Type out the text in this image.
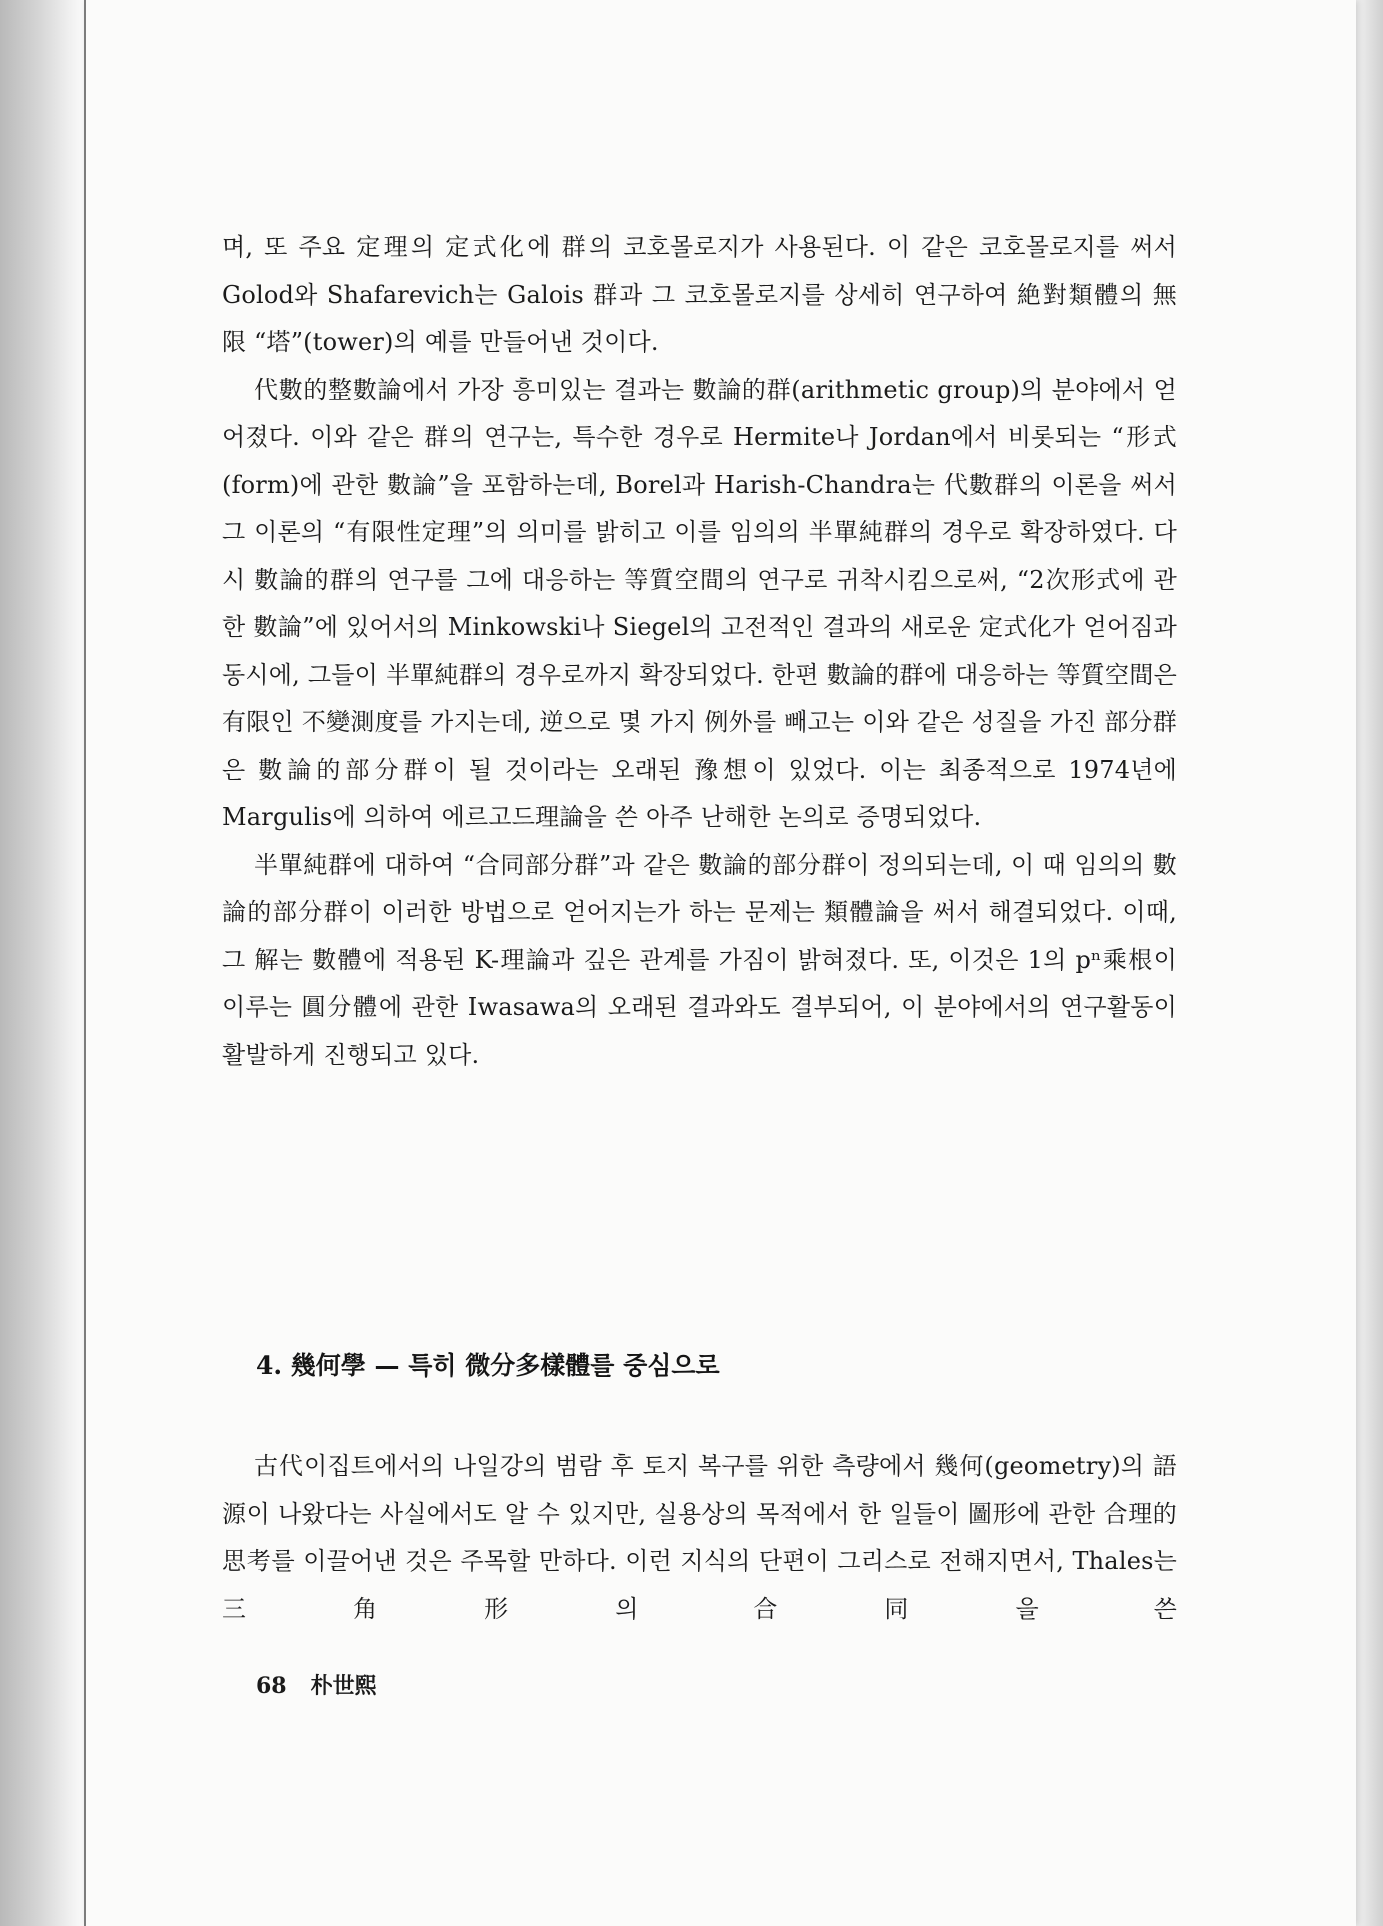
며, 또 주요 定理의 定式化에 群의 코호몰로지가 사용된다. 이 같은 코호몰로지를 써서 Golod와 Shafarevich는 Galois 群과 그 코호몰로지를 상세히 연구하여 絶對類體의 無限 “塔”(tower)의 예를 만들어낸 것이다.

代數的整數論에서 가장 흥미있는 결과는 數論的群(arithmetic group)의 분야에서 얻어졌다. 이와 같은 群의 연구는, 특수한 경우로 Hermite나 Jordan에서 비롯되는 “形式(form)에 관한 數論”을 포함하는데, Borel과 Harish-Chandra는 代數群의 이론을 써서 그 이론의 “有限性定理”의 의미를 밝히고 이를 임의의 半單純群의 경우로 확장하였다. 다시 數論的群의 연구를 그에 대응하는 等質空間의 연구로 귀착시킴으로써, “2次形式에 관한 數論”에 있어서의 Minkowski나 Siegel의 고전적인 결과의 새로운 定式化가 얻어짐과 동시에, 그들이 半單純群의 경우로까지 확장되었다. 한편 數論的群에 대응하는 等質空間은 有限인 不變測度를 가지는데, 逆으로 몇 가지 例外를 빼고는 이와 같은 성질을 가진 部分群은 數論的部分群이 될 것이라는 오래된 豫想이 있었다. 이는 최종적으로 1974년에 Margulis에 의하여 에르고드理論을 쓴 아주 난해한 논의로 증명되었다.

半單純群에 대하여 “合同部分群”과 같은 數論的部分群이 정의되는데, 이 때 임의의 數論的部分群이 이러한 방법으로 얻어지는가 하는 문제는 類體論을 써서 해결되었다. 이때, 그 解는 數體에 적용된 K-理論과 깊은 관계를 가짐이 밝혀졌다. 또, 이것은 1의 pⁿ乘根이 이루는 圓分體에 관한 Iwasawa의 오래된 결과와도 결부되어, 이 분야에서의 연구활동이 활발하게 진행되고 있다.

4. 幾何學 — 특히 微分多樣體를 중심으로

古代이집트에서의 나일강의 범람 후 토지 복구를 위한 측량에서 幾何(geometry)의 語源이 나왔다는 사실에서도 알 수 있지만, 실용상의 목적에서 한 일들이 圖形에 관한 合理的 思考를 이끌어낸 것은 주목할 만하다. 이런 지식의 단편이 그리스로 전해지면서, Thales는 三角形의 合同을 쓴

68 朴世熙
